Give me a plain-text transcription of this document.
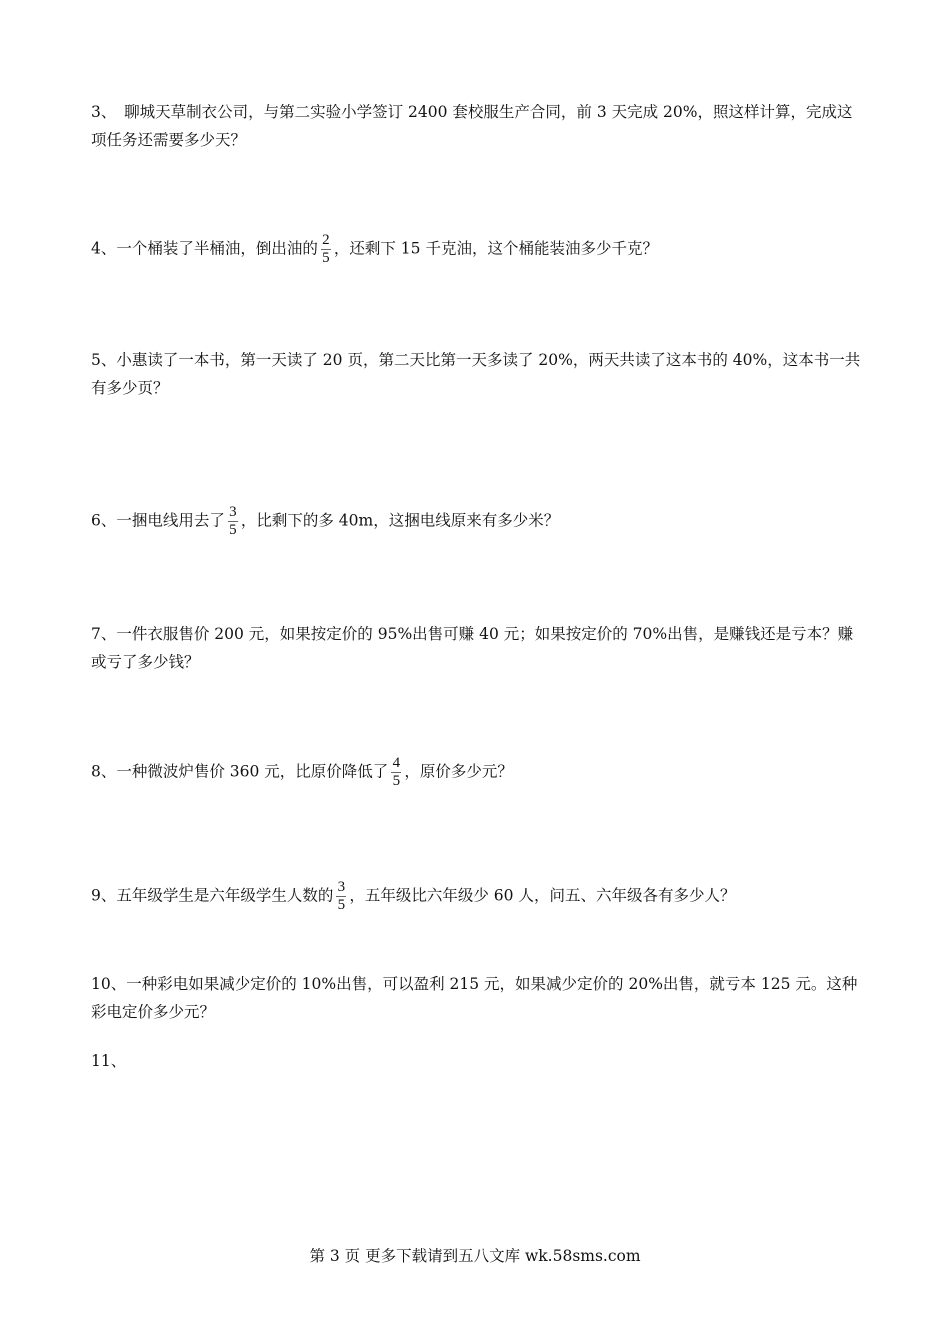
3、　聊城天草制衣公司，与第二实验小学签订 2400 套校服生产合同，前 3 天完成 20%，照这样计算，完成这项任务还需要多少天？

4、一个桶装了半桶油，倒出油的 $\frac{2}{5}$ ，还剩下 15 千克油，这个桶能装油多少千克？

5、小惠读了一本书，第一天读了 20 页，第二天比第一天多读了 20%，两天共读了这本书的 40%，这本书一共有多少页？

6、一捆电线用去了 $\frac{3}{5}$ ，比剩下的多 40m，这捆电线原来有多少米？

7、一件衣服售价 200 元，如果按定价的 95%出售可赚 40 元；如果按定价的 70%出售，是赚钱还是亏本？赚或亏了多少钱？

8、一种微波炉售价 360 元，比原价降低了 $\frac{4}{5}$ ，原价多少元？

9、五年级学生是六年级学生人数的 $\frac{3}{5}$ ，五年级比六年级少 60 人，问五、六年级各有多少人？

10、一种彩电如果减少定价的 10%出售，可以盈利 215 元，如果减少定价的 20%出售，就亏本 125 元。这种彩电定价多少元？

11、

第 3 页 更多下载请到五八文库 wk.58sms.com
